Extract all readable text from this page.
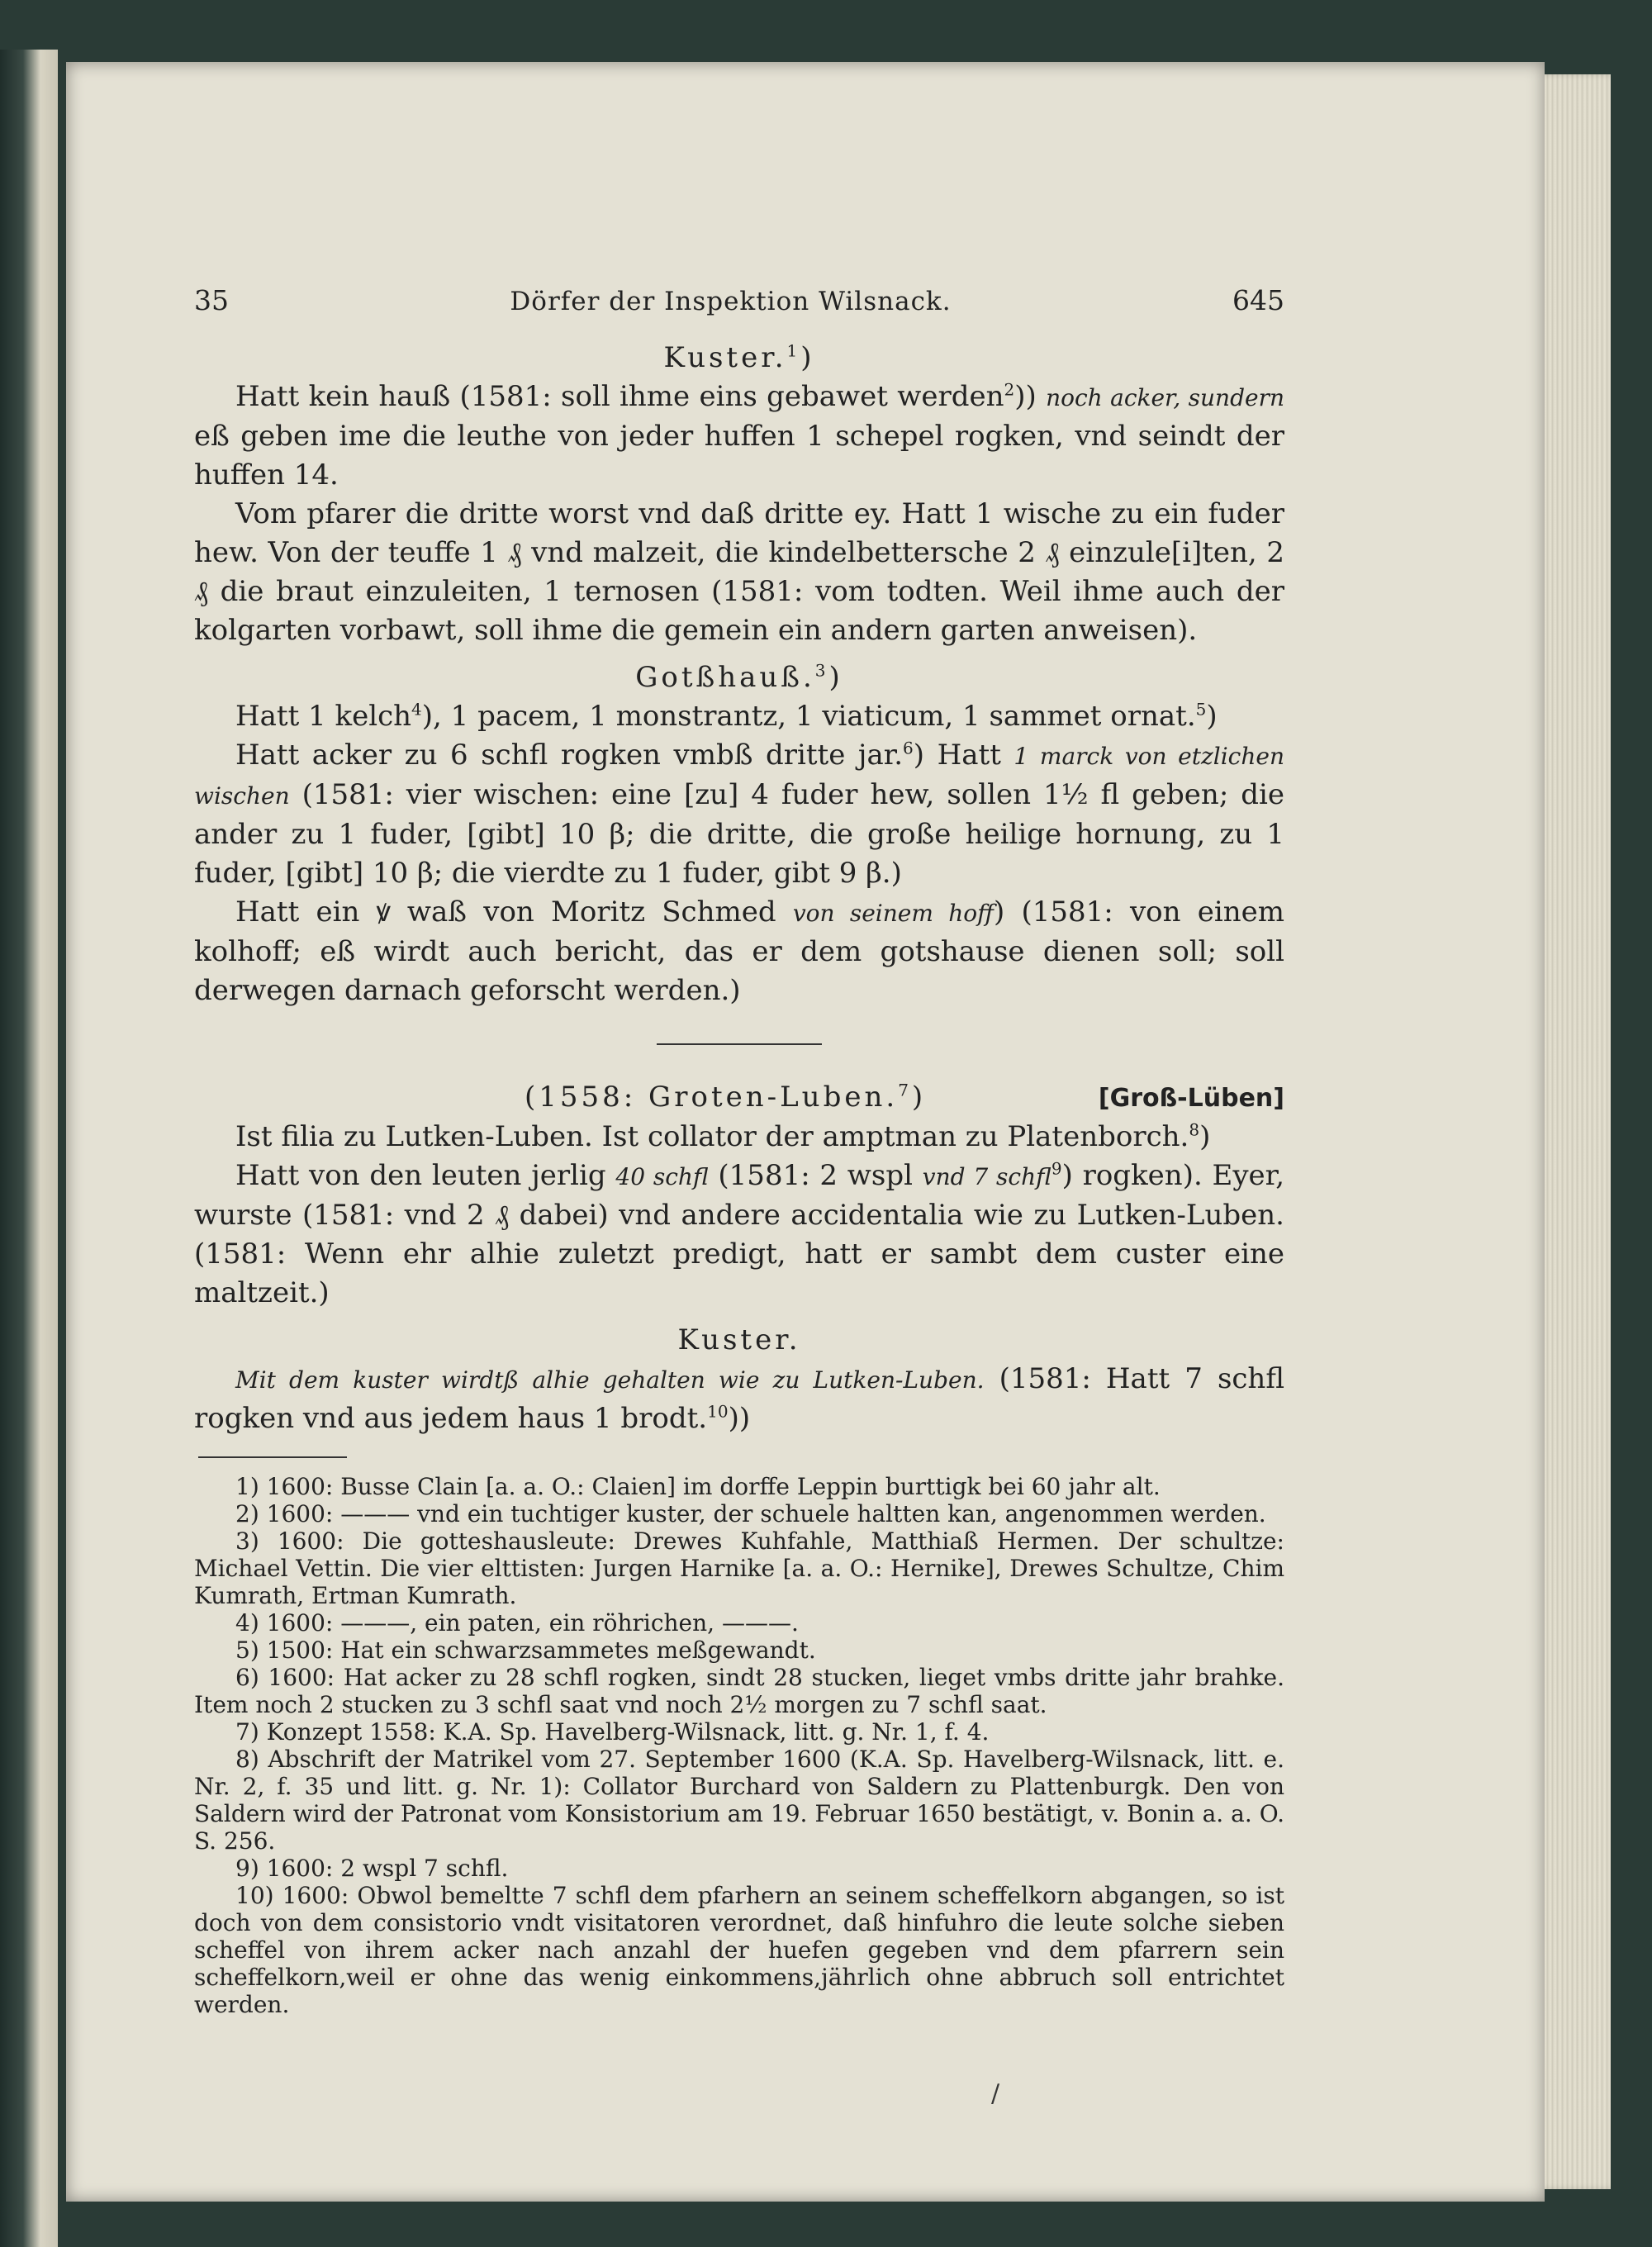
35	Dörfer der Inspektion Wilsnack.	645
Kuster.$^1$)

Hatt kein hauß (1581: soll ihme eins gebawet werden$^2$)) noch acker, sundern eß geben ime die leuthe von jeder huffen 1 schepel rogken, vnd seindt der huffen 14.

Vom pfarer die dritte worst vnd daß dritte ey. Hatt 1 wische zu ein fuder hew. Von der teuffe 1 ₰ vnd malzeit, die kindelbettersche 2 ₰ einzule[i]ten, 2 ₰ die braut einzuleiten, 1 ternosen (1581: vom todten. Weil ihme auch der kolgarten vorbawt, soll ihme die gemein ein andern garten anweisen).

Gotßhauß.$^3$)

Hatt 1 kelch$^4$), 1 pacem, 1 monstrantz, 1 viaticum, 1 sammet ornat.$^5$)

Hatt acker zu 6 schfl rogken vmbß dritte jar.$^6$) Hatt 1 marck von etzlichen wischen (1581: vier wischen: eine [zu] 4 fuder hew, sollen 1½ fl geben; die ander zu 1 fuder, [gibt] 10 β; die dritte, die große heilige hornung, zu 1 fuder, [gibt] 10 β; die vierdte zu 1 fuder, gibt 9 β.)

Hatt ein ꝟ waß von Moritz Schmed von seinem hoff) (1581: von einem kolhoff; eß wirdt auch bericht, das er dem gotshause dienen soll; soll derwegen darnach geforscht werden.)

(1558: Groten-Luben.$^7$)	[Groß-Lüben]

Ist filia zu Lutken-Luben. Ist collator der amptman zu Platenborch.$^8$)

Hatt von den leuten jerlig 40 schfl (1581: 2 wspl vnd 7 schfl$^9$) rogken). Eyer, wurste (1581: vnd 2 ₰ dabei) vnd andere accidentalia wie zu Lutken-Luben. (1581: Wenn ehr alhie zuletzt predigt, hatt er sambt dem custer eine maltzeit.)

Kuster.

Mit dem kuster wirdtß alhie gehalten wie zu Lutken-Luben. (1581: Hatt 7 schfl rogken vnd aus jedem haus 1 brodt.$^{10}$))

1) 1600: Busse Clain [a. a. O.: Claien] im dorffe Leppin burttigk bei 60 jahr alt.

2) 1600: ——— vnd ein tuchtiger kuster, der schuele haltten kan, angenommen werden.

3) 1600: Die gotteshausleute: Drewes Kuhfahle, Matthiaß Hermen. Der schultze: Michael Vettin. Die vier elttisten: Jurgen Harnike [a. a. O.: Hernike], Drewes Schultze, Chim Kumrath, Ertman Kumrath.

4) 1600: ———, ein paten, ein röhrichen, ———.

5) 1500: Hat ein schwarzsammetes meßgewandt.

6) 1600: Hat acker zu 28 schfl rogken, sindt 28 stucken, lieget vmbs dritte jahr brahke. Item noch 2 stucken zu 3 schfl saat vnd noch 2½ morgen zu 7 schfl saat.

7) Konzept 1558: K.A. Sp. Havelberg-Wilsnack, litt. g. Nr. 1, f. 4.

8) Abschrift der Matrikel vom 27. September 1600 (K.A. Sp. Havelberg-Wilsnack, litt. e. Nr. 2, f. 35 und litt. g. Nr. 1): Collator Burchard von Saldern zu Plattenburgk. Den von Saldern wird der Patronat vom Konsistorium am 19. Februar 1650 bestätigt, v. Bonin a. a. O. S. 256.

9) 1600: 2 wspl 7 schfl.

10) 1600: Obwol bemeltte 7 schfl dem pfarhern an seinem scheffelkorn abgangen, so ist doch von dem consistorio vndt visitatoren verordnet, daß hinfuhro die leute solche sieben scheffel von ihrem acker nach anzahl der huefen gegeben vnd dem pfarrern sein scheffelkorn,weil er ohne das wenig einkommens,jährlich ohne abbruch soll entrichtet werden.

/
